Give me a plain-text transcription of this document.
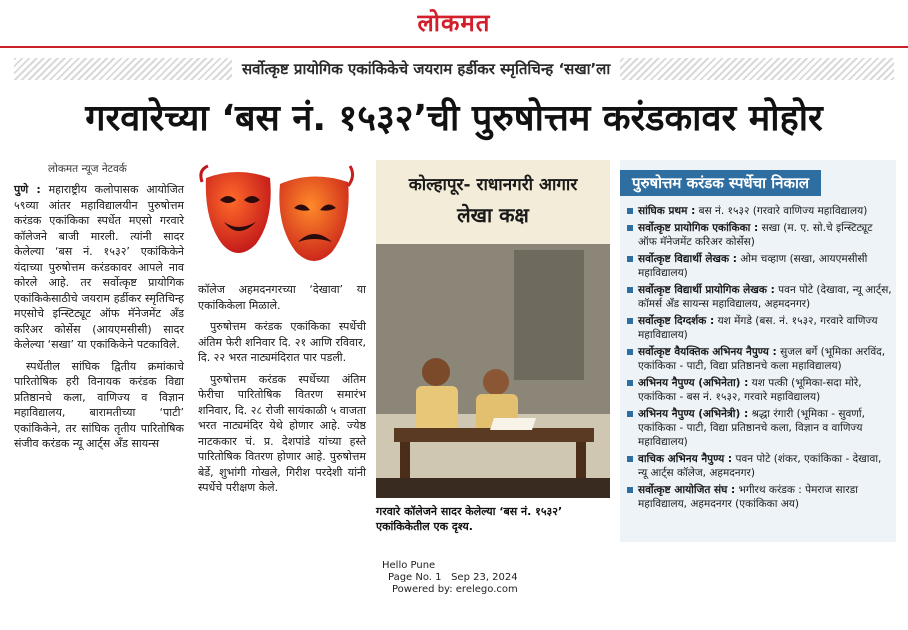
लोकमत
सर्वोत्कृष्ट प्रायोगिक एकांकिकेचे जयराम हर्डीकर स्मृतिचिन्ह ‘सखा’ला
गरवारेच्या ‘बस नं. १५३२’ची पुरुषोत्तम करंडकावर मोहोर
लोकमत न्यूज नेटवर्क

पुणे : महाराष्ट्रीय कलोपासक आयोजित ५९व्या आंतर महाविद्यालयीन पुरुषोत्तम करंडक एकांकिका स्पर्धेत मएसो गरवारे कॉलेजने बाजी मारली. त्यांनी सादर केलेल्या ‘बस नं. १५३२’ एकांकिकेने यंदाच्या पुरुषोत्तम करंडकावर आपले नाव कोरले आहे. तर सर्वोत्कृष्ट प्रायोगिक एकांकिकेसाठीचे जयराम हर्डीकर स्मृतिचिन्ह मएसोचे इन्स्टिट्यूट ऑफ मॅनेजमेंट अँड करिअर कोर्सेस (आयएमसीसी) सादर केलेल्या ‘सखा’ या एकांकिकेने पटकाविले.

स्पर्धेतील सांघिक द्वितीय क्रमांकाचे पारितोषिक हरी विनायक करंडक विद्या प्रतिष्ठानचे कला, वाणिज्य व विज्ञान महाविद्यालय, बारामतीच्या ‘पाटी’ एकांकिकेने, तर सांघिक तृतीय पारितोषिक संजीव करंडक न्यू आर्ट्स अँड सायन्स

कॉलेज अहमदनगरच्या ‘देखावा’ या एकांकिकेला मिळाले.

पुरुषोत्तम करंडक एकांकिका स्पर्धेची अंतिम फेरी शनिवार दि. २१ आणि रविवार, दि. २२ भरत नाट्यमंदिरात पार पडली.

पुरुषोत्तम करंडक स्पर्धेच्या अंतिम फेरीचा पारितोषिक वितरण समारंभ शनिवार, दि. २८ रोजी सायंकाळी ५ वाजता भरत नाट्यमंदिर येथे होणार आहे. ज्येष्ठ नाटककार चं. प्र. देशपांडे यांच्या हस्ते पारितोषिक वितरण होणार आहे. पुरुषोत्तम बेर्डे, शुभांगी गोखले, गिरीश परदेशी यांनी स्पर्धेचे परीक्षण केले.

कोल्हापूर- राधानगरी आगार
लेखा कक्ष
गरवारे कॉलेजने सादर केलेल्या ‘बस नं. १५३२’ एकांकिकेतील एक दृश्य.
पुरुषोत्तम करंडक स्पर्धेचा निकाल
सांघिक प्रथम : बस नं. १५३२ (गरवारे वाणिज्य महाविद्यालय)
सर्वोत्कृष्ट प्रायोगिक एकांकिका : सखा (म. ए. सो.चे इन्स्टिट्यूट ऑफ मॅनेजमेंट करिअर कोर्सेस)
सर्वोत्कृष्ट विद्यार्थी लेखक : ओम चव्हाण (सखा, आयएमसीसी महाविद्यालय)
सर्वोत्कृष्ट विद्यार्थी प्रायोगिक लेखक : पवन पोटे (देखावा, न्यू आर्ट्स, कॉमर्स अँड सायन्स महाविद्यालय, अहमदनगर)
सर्वोत्कृष्ट दिग्दर्शक : यश मेंगडे (बस. नं. १५३२, गरवारे वाणिज्य महाविद्यालय)
सर्वोत्कृष्ट वैयक्तिक अभिनय नैपुण्य : सुजल बर्गे (भूमिका अरविंद, एकांकिका - पाटी, विद्या प्रतिष्ठानचे कला महाविद्यालय)
अभिनय नैपुण्य (अभिनेता) : यश पत्की (भूमिका-सदा मोरे, एकांकिका - बस नं. १५३२, गरवारे महाविद्यालय)
अभिनय नैपुण्य (अभिनेत्री) : श्रद्धा रंगारी (भूमिका - सुवर्णा, एकांकिका - पाटी, विद्या प्रतिष्ठानचे कला, विज्ञान व वाणिज्य महाविद्यालय)
वाचिक अभिनय नैपुण्य : पवन पोटे (शंकर, एकांकिका - देखावा, न्यू आर्ट्स कॉलेज, अहमदनगर)
सर्वोत्कृष्ट आयोजित संघ : भगीरथ करंडक : पेमराज सारडा महाविद्यालय, अहमदनगर (एकांकिका अय)
Hello Pune
Page No. 1 Sep 23, 2024
Powered by: erelego.com
